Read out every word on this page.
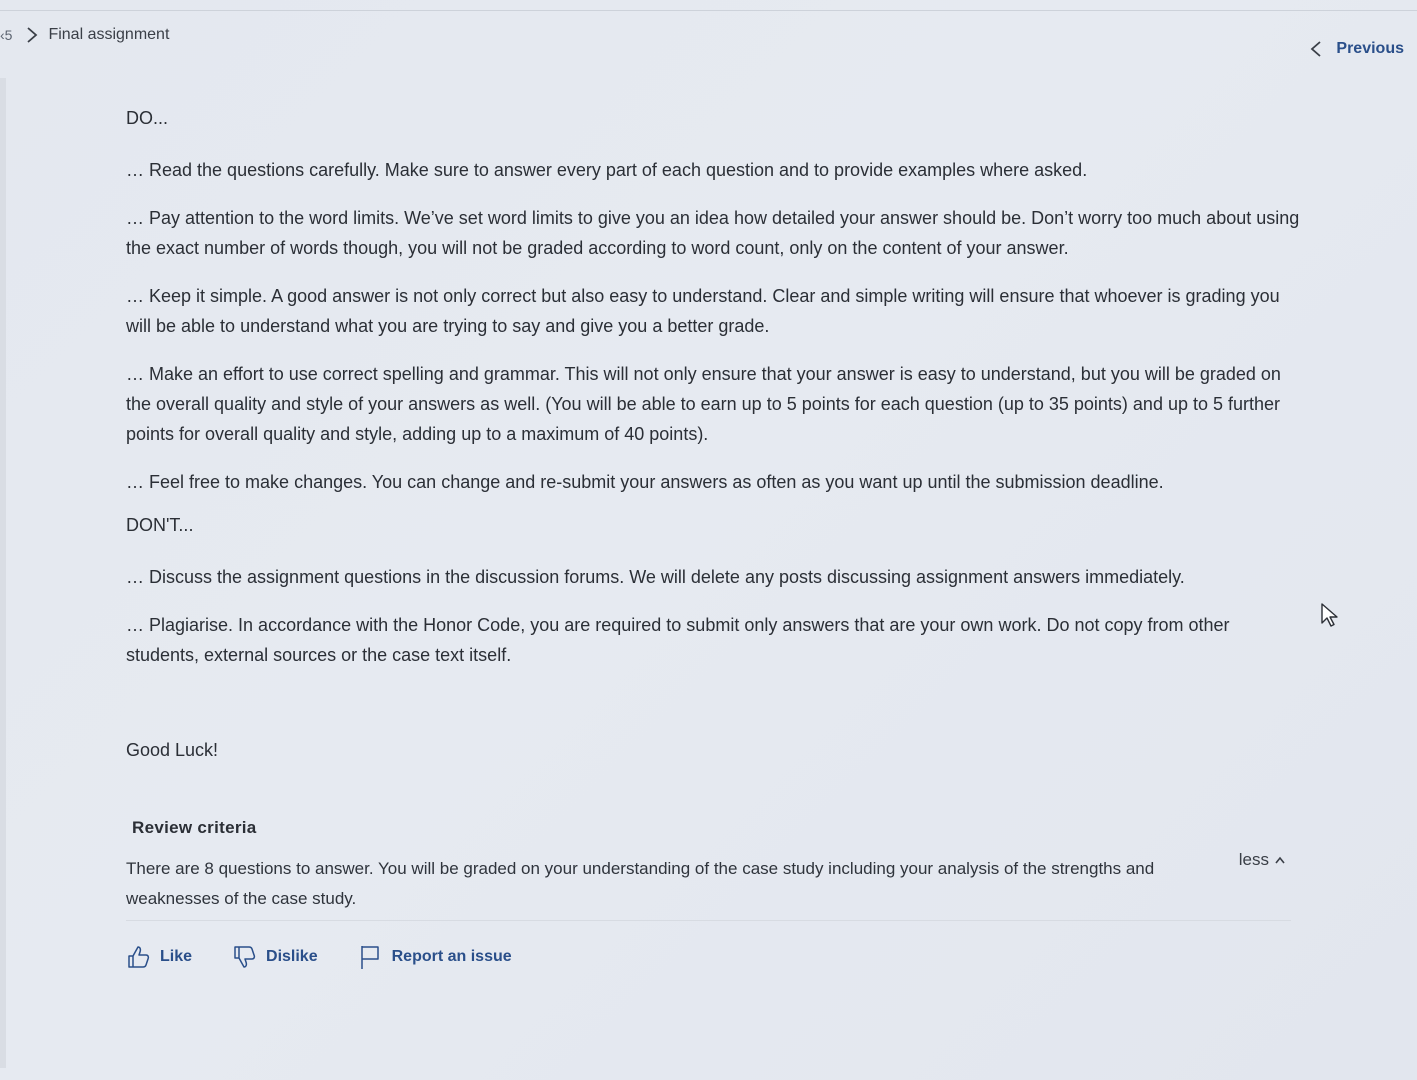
‹5 Final assignment
Previous
DO...

… Read the questions carefully. Make sure to answer every part of each question and to provide examples where asked.

… Pay attention to the word limits. We’ve set word limits to give you an idea how detailed your answer should be. Don’t worry too much about using the exact number of words though, you will not be graded according to word count, only on the content of your answer.

… Keep it simple. A good answer is not only correct but also easy to understand. Clear and simple writing will ensure that whoever is grading you will be able to understand what you are trying to say and give you a better grade.

… Make an effort to use correct spelling and grammar. This will not only ensure that your answer is easy to understand, but you will be graded on the overall quality and style of your answers as well. (You will be able to earn up to 5 points for each question (up to 35 points) and up to 5 further points for overall quality and style, adding up to a maximum of 40 points).

… Feel free to make changes. You can change and re-submit your answers as often as you want up until the submission deadline.

DON'T...

… Discuss the assignment questions in the discussion forums. We will delete any posts discussing assignment answers immediately.

… Plagiarise. In accordance with the Honor Code, you are required to submit only answers that are your own work. Do not copy from other students, external sources or the case text itself.

Good Luck!
Review criteria
There are 8 questions to answer. You will be graded on your understanding of the case study including your analysis of the strengths and weaknesses of the case study.
less
Like	Dislike	Report an issue
